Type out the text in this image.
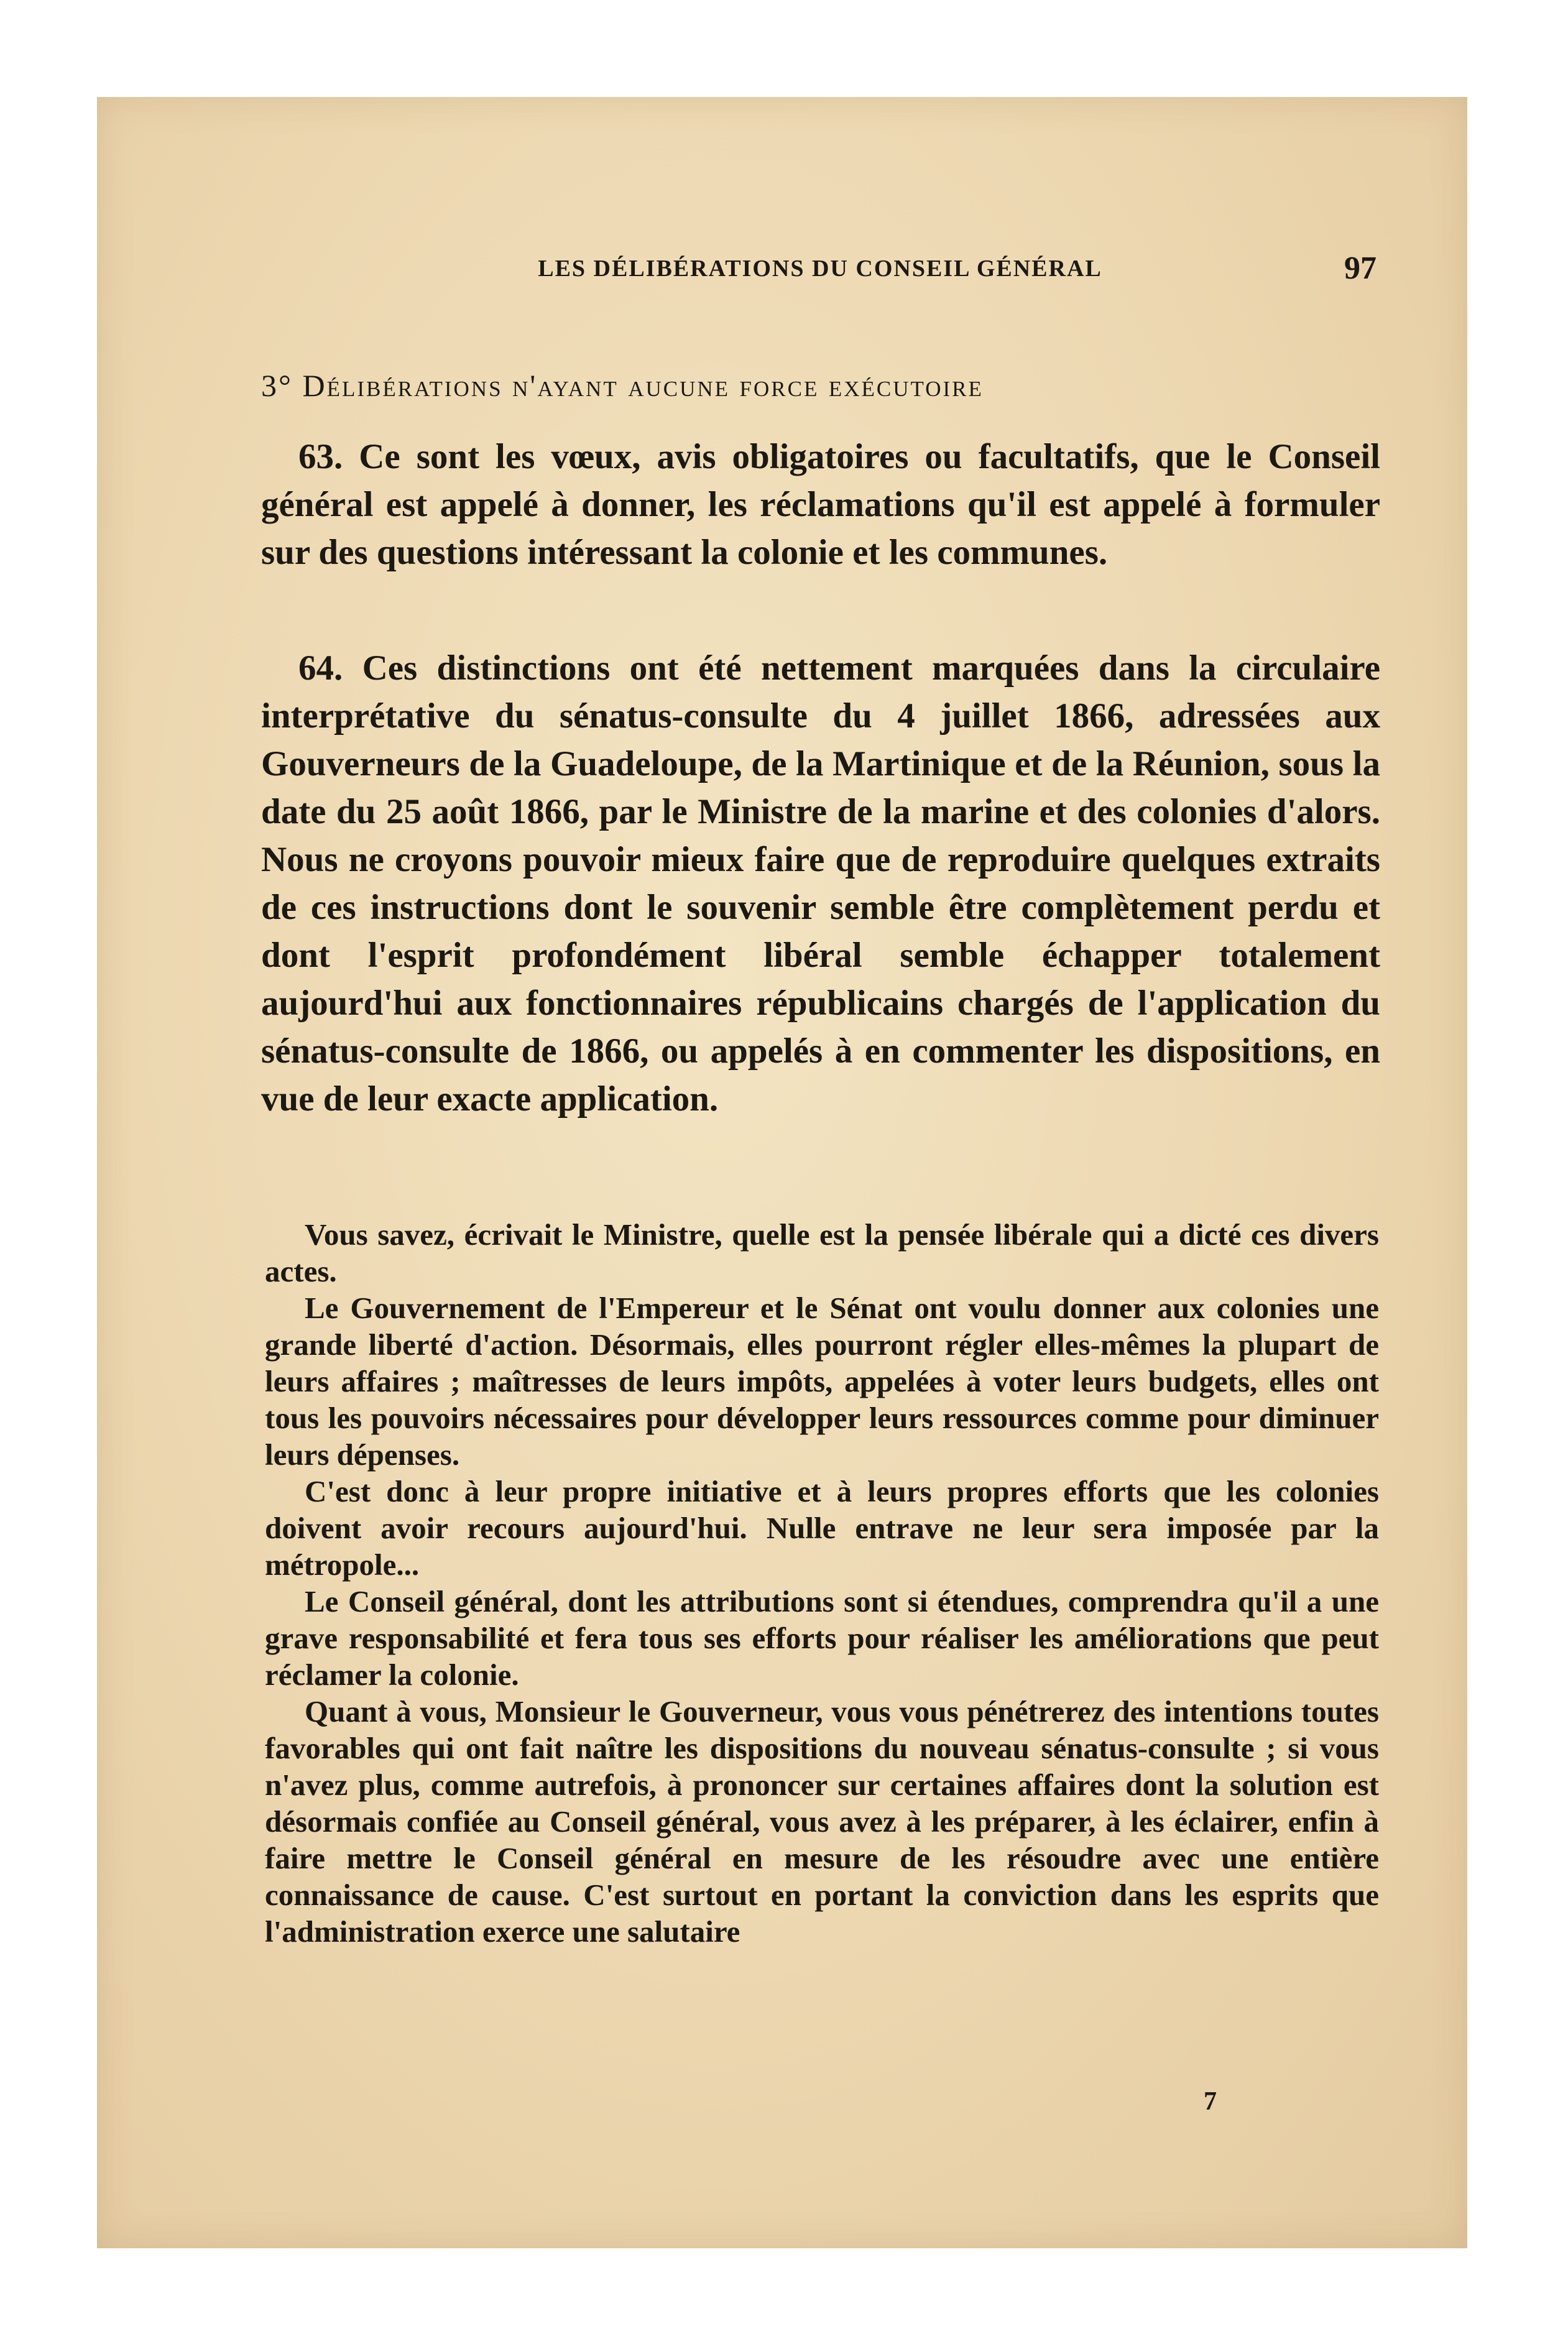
LES DÉLIBÉRATIONS DU CONSEIL GÉNÉRAL	97
3° Délibérations n'ayant aucune force exécutoire

63. Ce sont les vœux, avis obligatoires ou facultatifs, que le Conseil général est appelé à donner, les réclamations qu'il est appelé à formuler sur des questions intéressant la colonie et les communes.

64. Ces distinctions ont été nettement marquées dans la circulaire interprétative du sénatus-consulte du 4 juillet 1866, adressées aux Gouverneurs de la Guadeloupe, de la Martinique et de la Réunion, sous la date du 25 août 1866, par le Ministre de la marine et des colonies d'alors. Nous ne croyons pouvoir mieux faire que de reproduire quelques extraits de ces instructions dont le souvenir semble être complètement perdu et dont l'esprit profondément libéral semble échapper totalement aujourd'hui aux fonctionnaires républicains chargés de l'application du sénatus-consulte de 1866, ou appelés à en commenter les dispositions, en vue de leur exacte application.

Vous savez, écrivait le Ministre, quelle est la pensée libérale qui a dicté ces divers actes.

Le Gouvernement de l'Empereur et le Sénat ont voulu donner aux colonies une grande liberté d'action. Désormais, elles pourront régler elles-mêmes la plupart de leurs affaires ; maîtresses de leurs impôts, appelées à voter leurs budgets, elles ont tous les pouvoirs nécessaires pour développer leurs ressources comme pour diminuer leurs dépenses.

C'est donc à leur propre initiative et à leurs propres efforts que les colonies doivent avoir recours aujourd'hui. Nulle entrave ne leur sera imposée par la métropole...

Le Conseil général, dont les attributions sont si étendues, comprendra qu'il a une grave responsabilité et fera tous ses efforts pour réaliser les améliorations que peut réclamer la colonie.

Quant à vous, Monsieur le Gouverneur, vous vous pénétrerez des intentions toutes favorables qui ont fait naître les dispositions du nouveau sénatus-consulte ; si vous n'avez plus, comme autrefois, à prononcer sur certaines affaires dont la solution est désormais confiée au Conseil général, vous avez à les préparer, à les éclairer, enfin à faire mettre le Conseil général en mesure de les résoudre avec une entière connaissance de cause. C'est surtout en portant la conviction dans les esprits que l'administration exerce une salutaire

7
